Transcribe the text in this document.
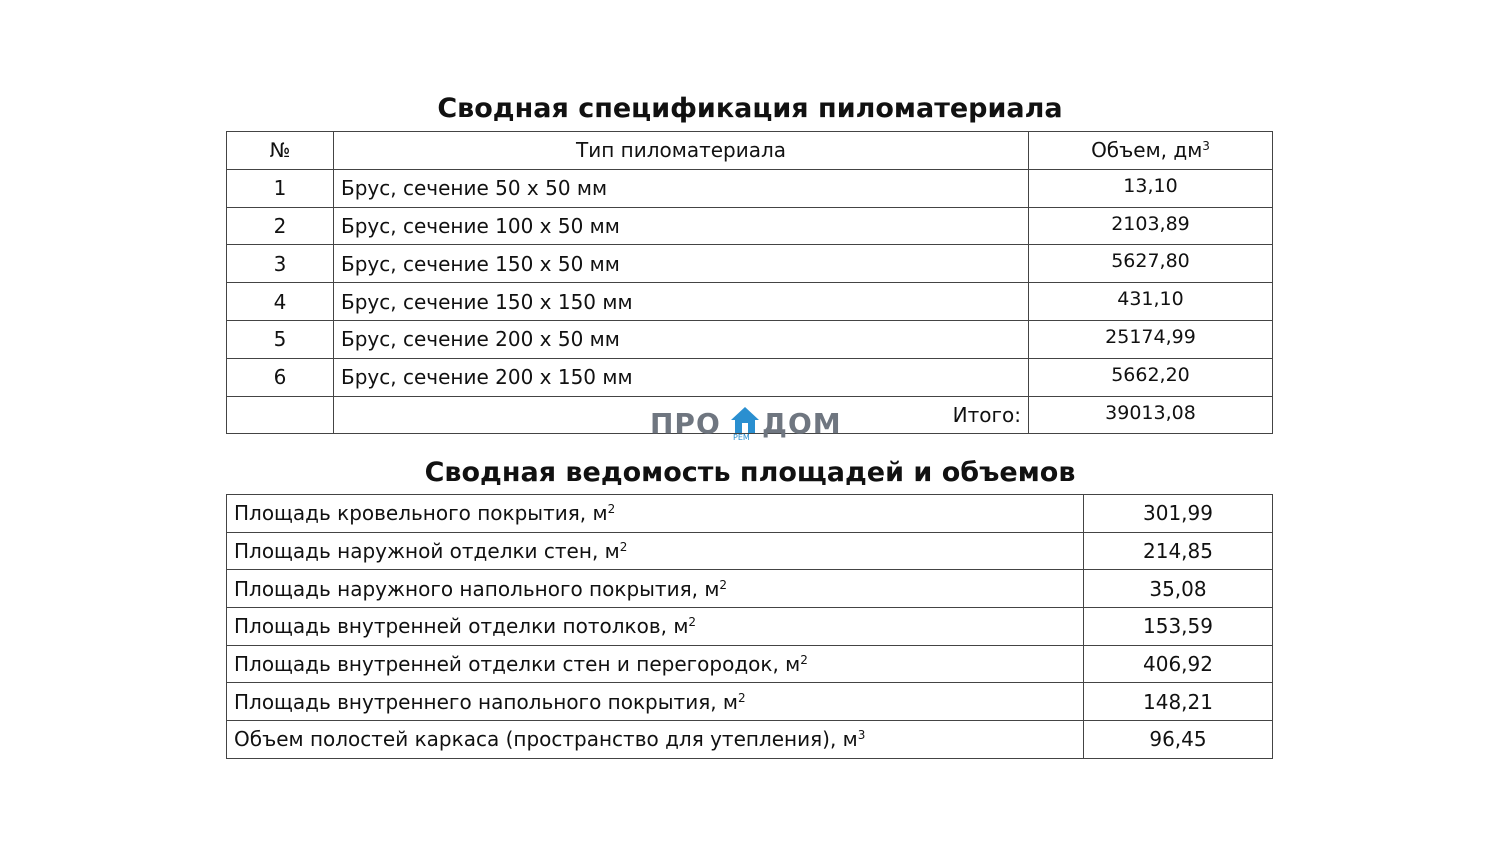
Сводная спецификация пиломатериала
№	Тип пиломатериала	Объем, $дм^3$
1	Брус, сечение 50 х 50 мм	13,10
2	Брус, сечение 100 х 50 мм	2103,89
3	Брус, сечение 150 х 50 мм	5627,80
4	Брус, сечение 150 х 150 мм	431,10
5	Брус, сечение 200 х 50 мм	25174,99
6	Брус, сечение 200 х 150 мм	5662,20
	Итого:	39013,08
ПРО РЕМ ДОМ
Сводная ведомость площадей и объемов
Площадь кровельного покрытия, $м^2$	301,99
Площадь наружной отделки стен, $м^2$	214,85
Площадь наружного напольного покрытия, $м^2$	35,08
Площадь внутренней отделки потолков, $м^2$	153,59
Площадь внутренней отделки стен и перегородок, $м^2$	406,92
Площадь внутреннего напольного покрытия, $м^2$	148,21
Объем полостей каркаса (пространство для утепления), $м^3$	96,45
